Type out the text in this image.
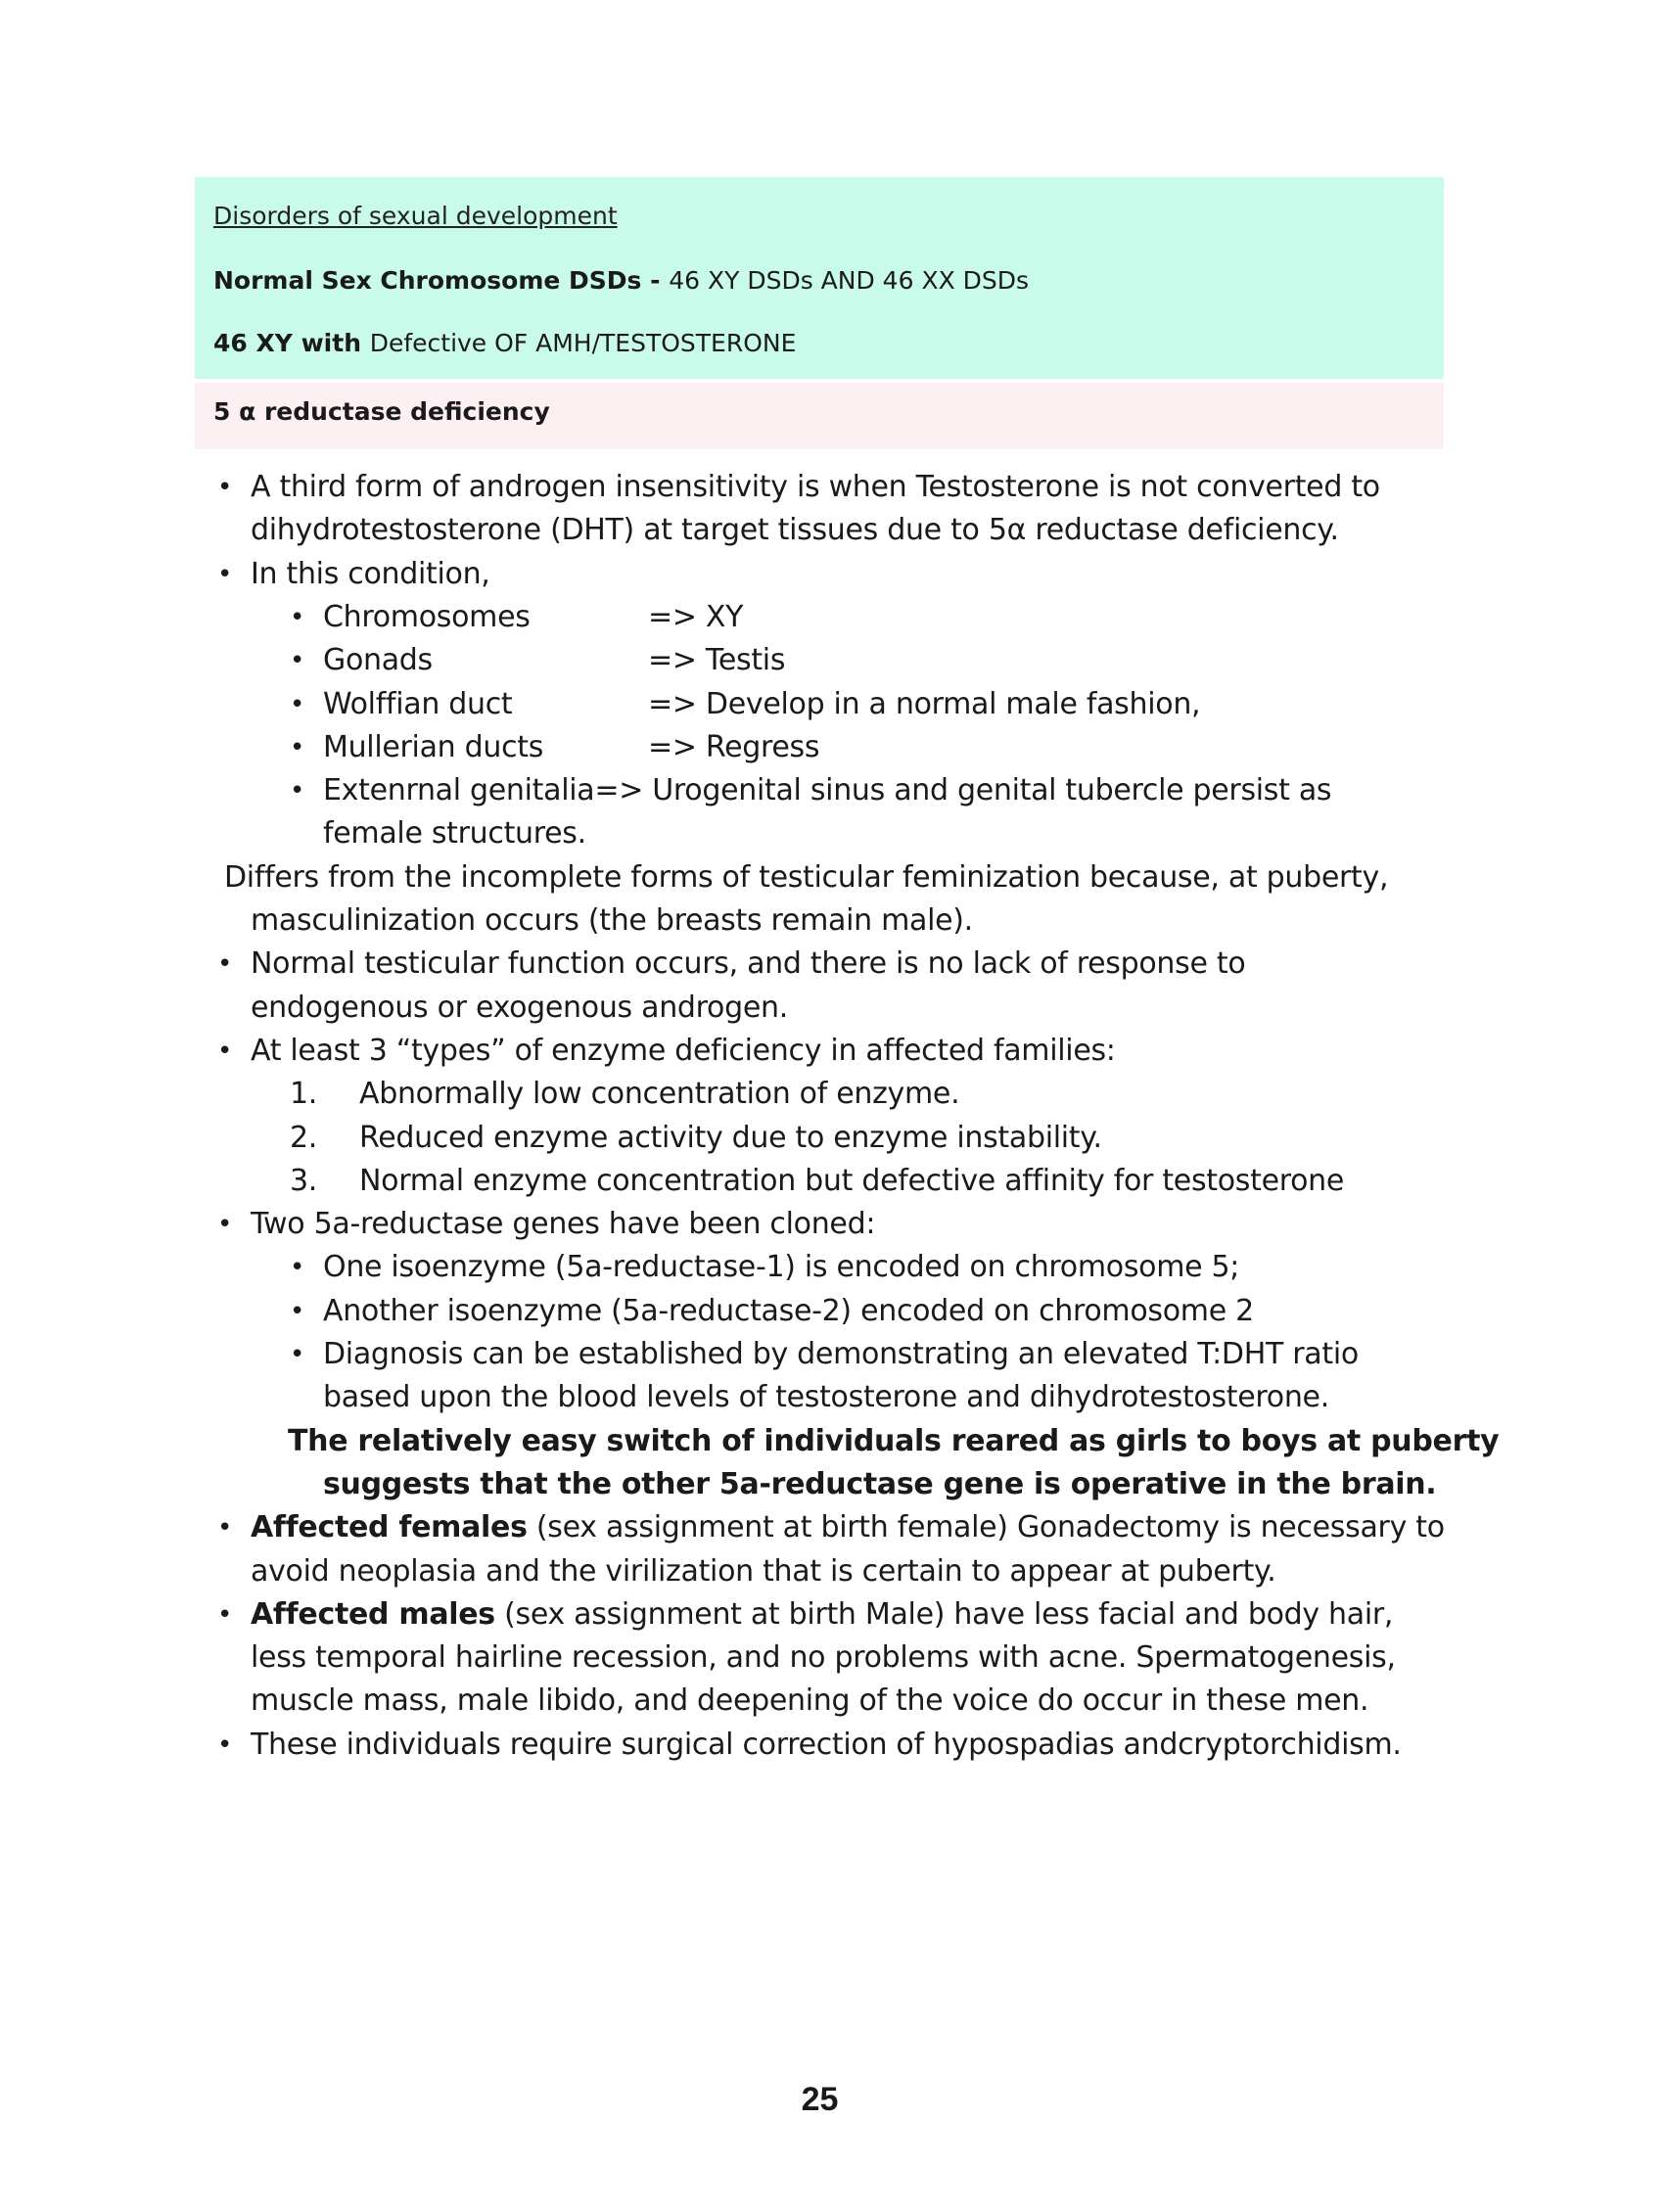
Disorders of sexual development
Normal Sex Chromosome DSDs - 46 XY DSDs AND 46 XX DSDs
46 XY with Defective OF AMH/TESTOSTERONE
5 α reductase deficiency
• A third form of androgen insensitivity is when Testosterone is not converted to
dihydrotestosterone (DHT) at target tissues due to 5α reductase deficiency.
• In this condition,
• Chromosomes	=> XY
• Gonads	=> Testis
• Wolffian duct	=> Develop in a normal male fashion,
• Mullerian ducts	=> Regress
• Extenrnal genitalia=> Urogenital sinus and genital tubercle persist as
female structures.
Differs from the incomplete forms of testicular feminization because, at puberty,
masculinization occurs (the breasts remain male).
• Normal testicular function occurs, and there is no lack of response to
endogenous or exogenous androgen.
• At least 3 “types” of enzyme deficiency in affected families:
1. Abnormally low concentration of enzyme.
2. Reduced enzyme activity due to enzyme instability.
3. Normal enzyme concentration but defective affinity for testosterone
• Two 5a-reductase genes have been cloned:
• One isoenzyme (5a-reductase-1) is encoded on chromosome 5;
• Another isoenzyme (5a-reductase-2) encoded on chromosome 2
• Diagnosis can be established by demonstrating an elevated T:DHT ratio
based upon the blood levels of testosterone and dihydrotestosterone.
The relatively easy switch of individuals reared as girls to boys at puberty
suggests that the other 5a-reductase gene is operative in the brain.
• Affected females (sex assignment at birth female) Gonadectomy is necessary to
avoid neoplasia and the virilization that is certain to appear at puberty.
• Affected males (sex assignment at birth Male) have less facial and body hair,
less temporal hairline recession, and no problems with acne. Spermatogenesis,
muscle mass, male libido, and deepening of the voice do occur in these men.
• These individuals require surgical correction of hypospadias andcryptorchidism.
25
